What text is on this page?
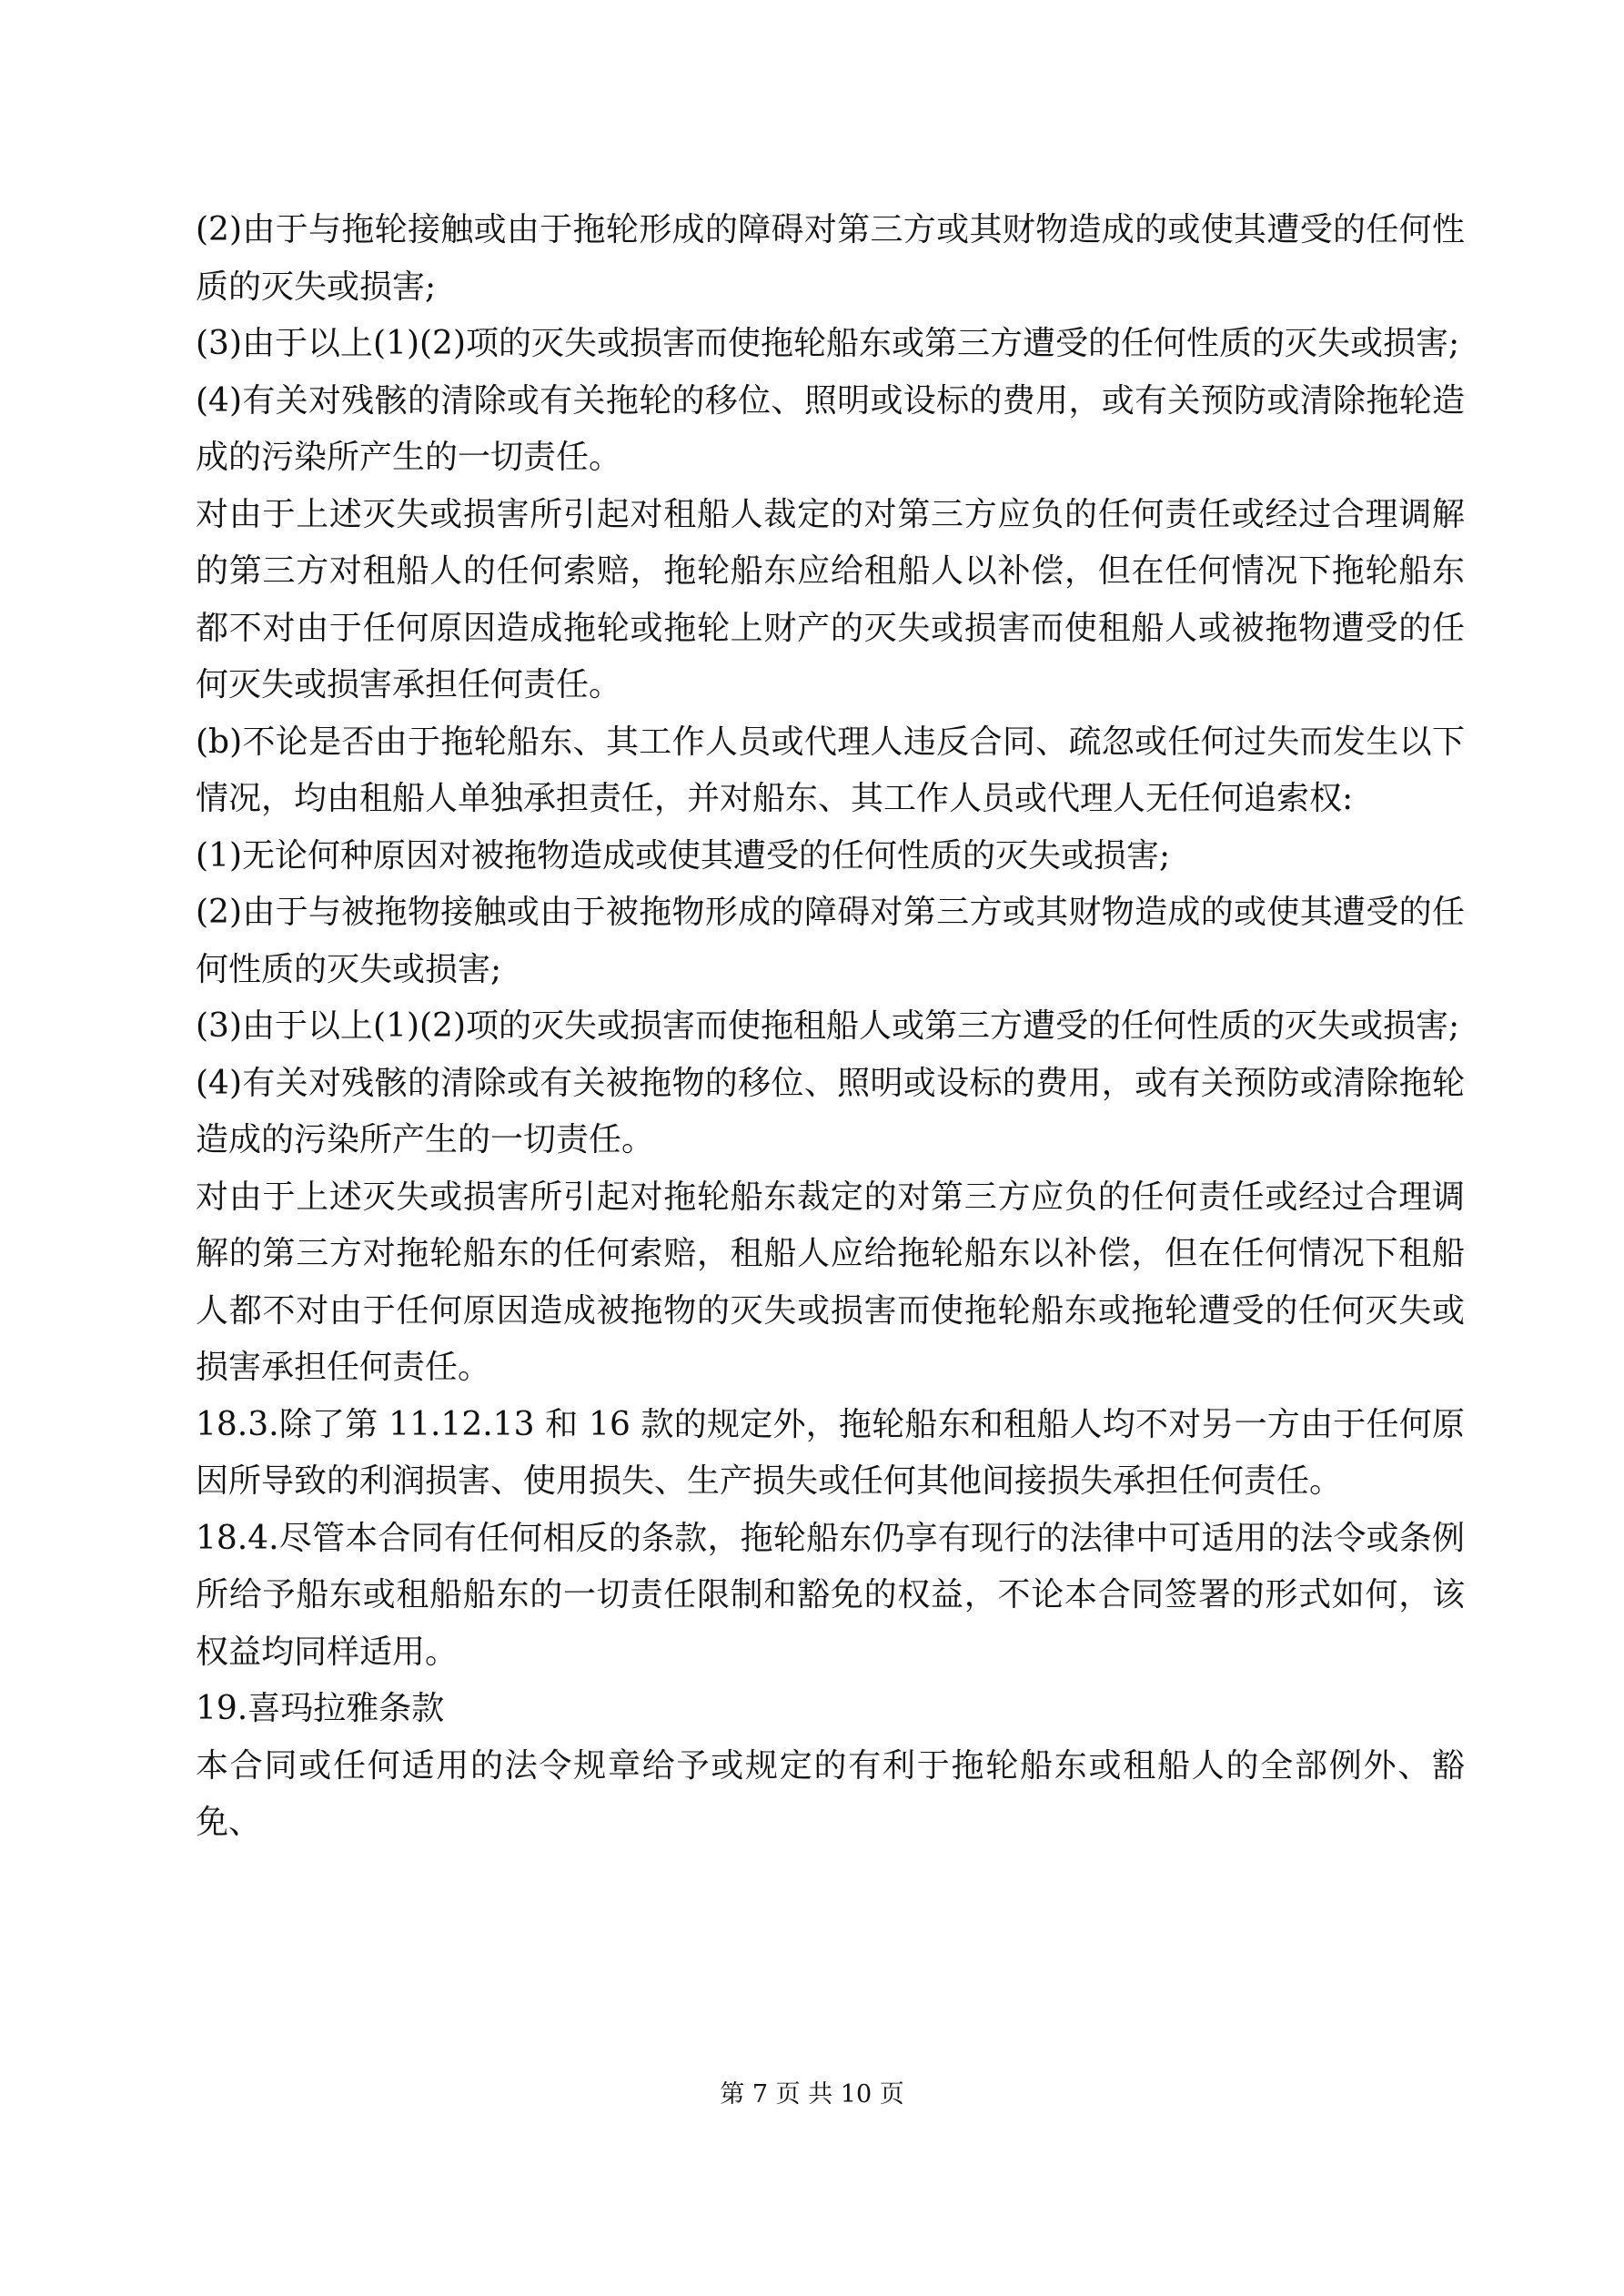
(2)由于与拖轮接触或由于拖轮形成的障碍对第三方或其财物造成的或使其遭受的任何性质的灭失或损害;

(3)由于以上(1)(2)项的灭失或损害而使拖轮船东或第三方遭受的任何性质的灭失或损害;

(4)有关对残骸的清除或有关拖轮的移位、照明或设标的费用，或有关预防或清除拖轮造成的污染所产生的一切责任。

对由于上述灭失或损害所引起对租船人裁定的对第三方应负的任何责任或经过合理调解的第三方对租船人的任何索赔，拖轮船东应给租船人以补偿，但在任何情况下拖轮船东都不对由于任何原因造成拖轮或拖轮上财产的灭失或损害而使租船人或被拖物遭受的任何灭失或损害承担任何责任。

(b)不论是否由于拖轮船东、其工作人员或代理人违反合同、疏忽或任何过失而发生以下情况，均由租船人单独承担责任，并对船东、其工作人员或代理人无任何追索权:

(1)无论何种原因对被拖物造成或使其遭受的任何性质的灭失或损害;

(2)由于与被拖物接触或由于被拖物形成的障碍对第三方或其财物造成的或使其遭受的任何性质的灭失或损害;

(3)由于以上(1)(2)项的灭失或损害而使拖租船人或第三方遭受的任何性质的灭失或损害;

(4)有关对残骸的清除或有关被拖物的移位、照明或设标的费用，或有关预防或清除拖轮造成的污染所产生的一切责任。

对由于上述灭失或损害所引起对拖轮船东裁定的对第三方应负的任何责任或经过合理调解的第三方对拖轮船东的任何索赔，租船人应给拖轮船东以补偿，但在任何情况下租船人都不对由于任何原因造成被拖物的灭失或损害而使拖轮船东或拖轮遭受的任何灭失或损害承担任何责任。

18.3.除了第 11.12.13 和 16 款的规定外，拖轮船东和租船人均不对另一方由于任何原因所导致的利润损害、使用损失、生产损失或任何其他间接损失承担任何责任。

18.4.尽管本合同有任何相反的条款，拖轮船东仍享有现行的法律中可适用的法令或条例所给予船东或租船船东的一切责任限制和豁免的权益，不论本合同签署的形式如何，该权益均同样适用。

19.喜玛拉雅条款

本合同或任何适用的法令规章给予或规定的有利于拖轮船东或租船人的全部例外、豁免、

第 7 页 共 10 页
